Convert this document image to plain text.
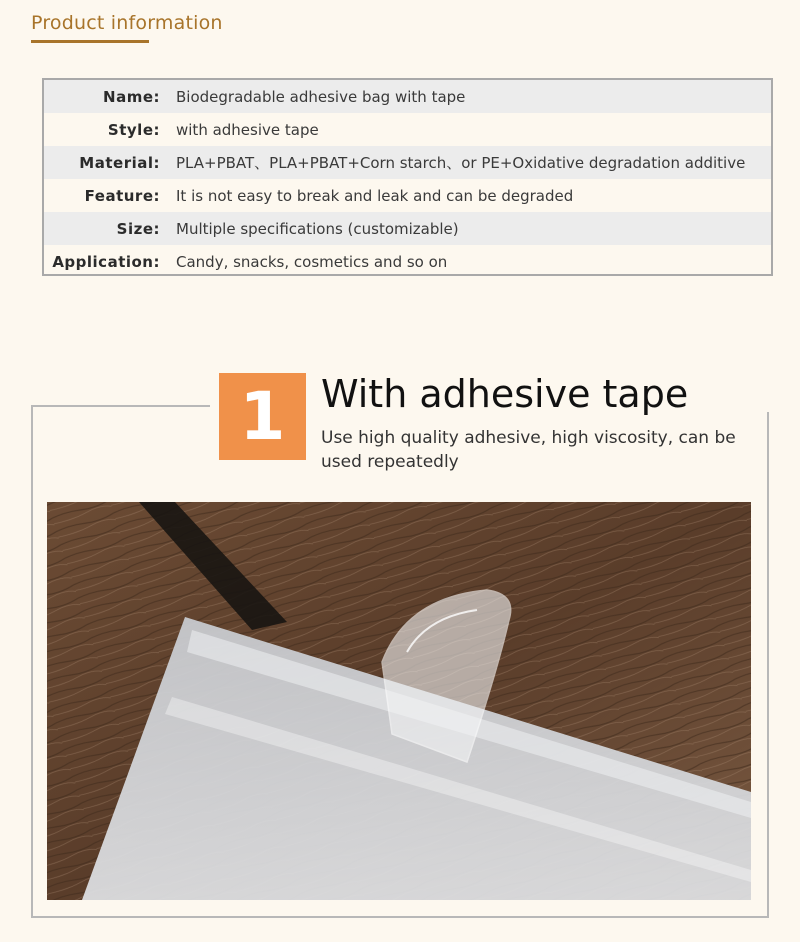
Product information
Name: Biodegradable adhesive bag with tape
Style: with adhesive tape
Material: PLA+PBAT、PLA+PBAT+Corn starch、or PE+Oxidative degradation additive
Feature: It is not easy to break and leak and can be degraded
Size: Multiple specifications (customizable)
Application: Candy, snacks, cosmetics and so on
1 With adhesive tape
Use high quality adhesive, high viscosity, can be used repeatedly
